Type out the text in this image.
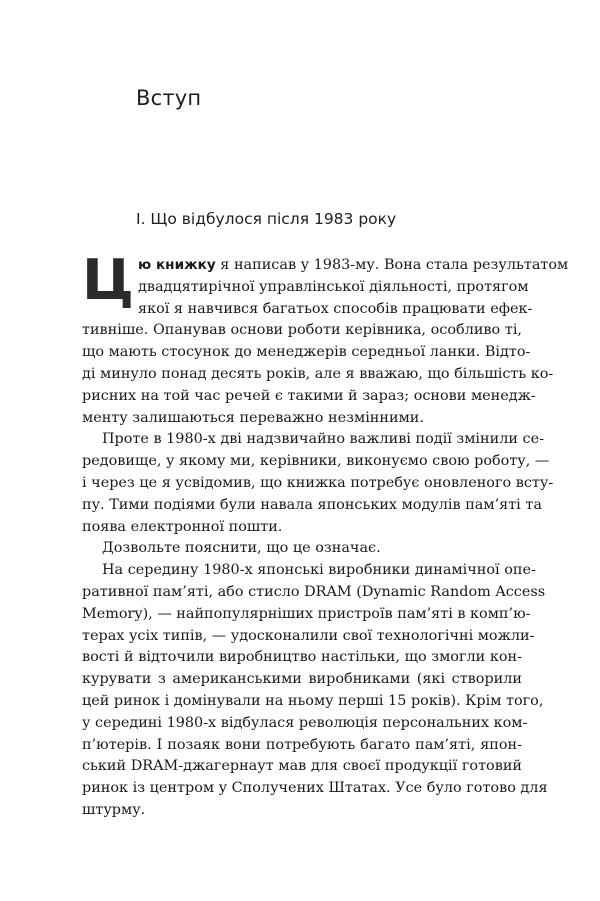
Вступ
І. Що відбулося після 1983 року
Ц ю книжку я написав у 1983-му. Вона стала результатом
двадцятирічної управлінської діяльності, протягом
якої я навчився багатьох способів працювати ефек-
тивніше. Опанував основи роботи керівника, особливо ті,
що мають стосунок до менеджерів середньої ланки. Відто-
ді минуло понад десять років, але я вважаю, що більшість ко-
рисних на той час речей є такими й зараз; основи менедж-
менту залишаються переважно незмінними.
Проте в 1980-х дві надзвичайно важливі події змінили се-
редовище, у якому ми, керівники, виконуємо свою роботу, —
і через це я усвідомив, що книжка потребує оновленого всту-
пу. Тими подіями були навала японських модулів пам’яті та
поява електронної пошти.
Дозвольте пояснити, що це означає.
На середину 1980-х японські виробники динамічної опе-
ративної пам’яті, або стисло DRAM (Dynamic Random Access
Memory), — найпопулярніших пристроїв пам’яті в комп’ю-
терах усіх типів, — удосконалили свої технологічні можли-
вості й відточили виробництво настільки, що змогли кон-
курувати з американськими виробниками (які створили
цей ринок і домінували на ньому перші 15 років). Крім того,
у середині 1980-х відбулася революція персональних ком-
п’ютерів. І позаяк вони потребують багато пам’яті, япон-
ський DRAM-джагернаут мав для своєї продукції готовий
ринок із центром у Сполучених Штатах. Усе було готово для
штурму.
